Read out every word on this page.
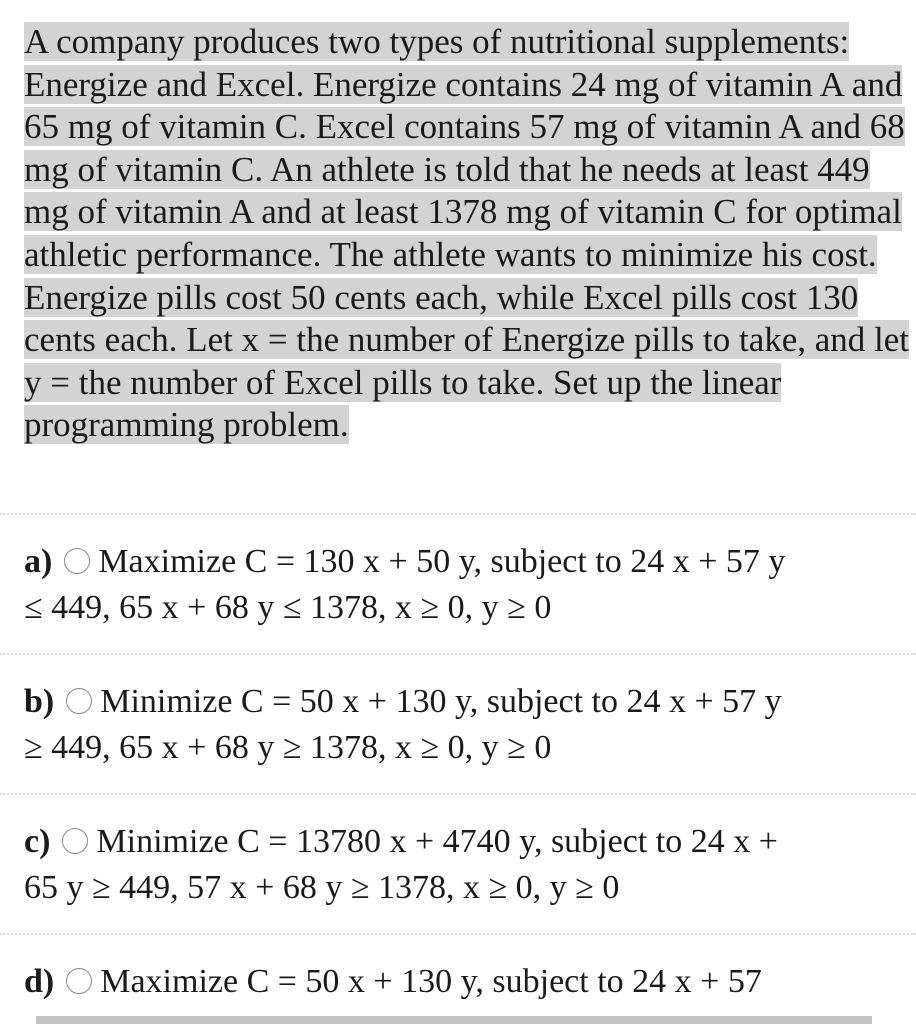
A company produces two types of nutritional supplements: Energize and Excel. Energize contains 24 mg of vitamin A and 65 mg of vitamin C. Excel contains 57 mg of vitamin A and 68 mg of vitamin C. An athlete is told that he needs at least 449 mg of vitamin A and at least 1378 mg of vitamin C for optimal athletic performance. The athlete wants to minimize his cost. Energize pills cost 50 cents each, while Excel pills cost 130 cents each. Let x = the number of Energize pills to take, and let y = the number of Excel pills to take. Set up the linear programming problem.

a) Maximize C = 130 x + 50 y, subject to 24 x + 57 y
≤ 449, 65 x + 68 y ≤ 1378, x ≥ 0, y ≥ 0
b) Minimize C = 50 x + 130 y, subject to 24 x + 57 y
≥ 449, 65 x + 68 y ≥ 1378, x ≥ 0, y ≥ 0
c) Minimize C = 13780 x + 4740 y, subject to 24 x +
65 y ≥ 449, 57 x + 68 y ≥ 1378, x ≥ 0, y ≥ 0
d) Maximize C = 50 x + 130 y, subject to 24 x + 57
